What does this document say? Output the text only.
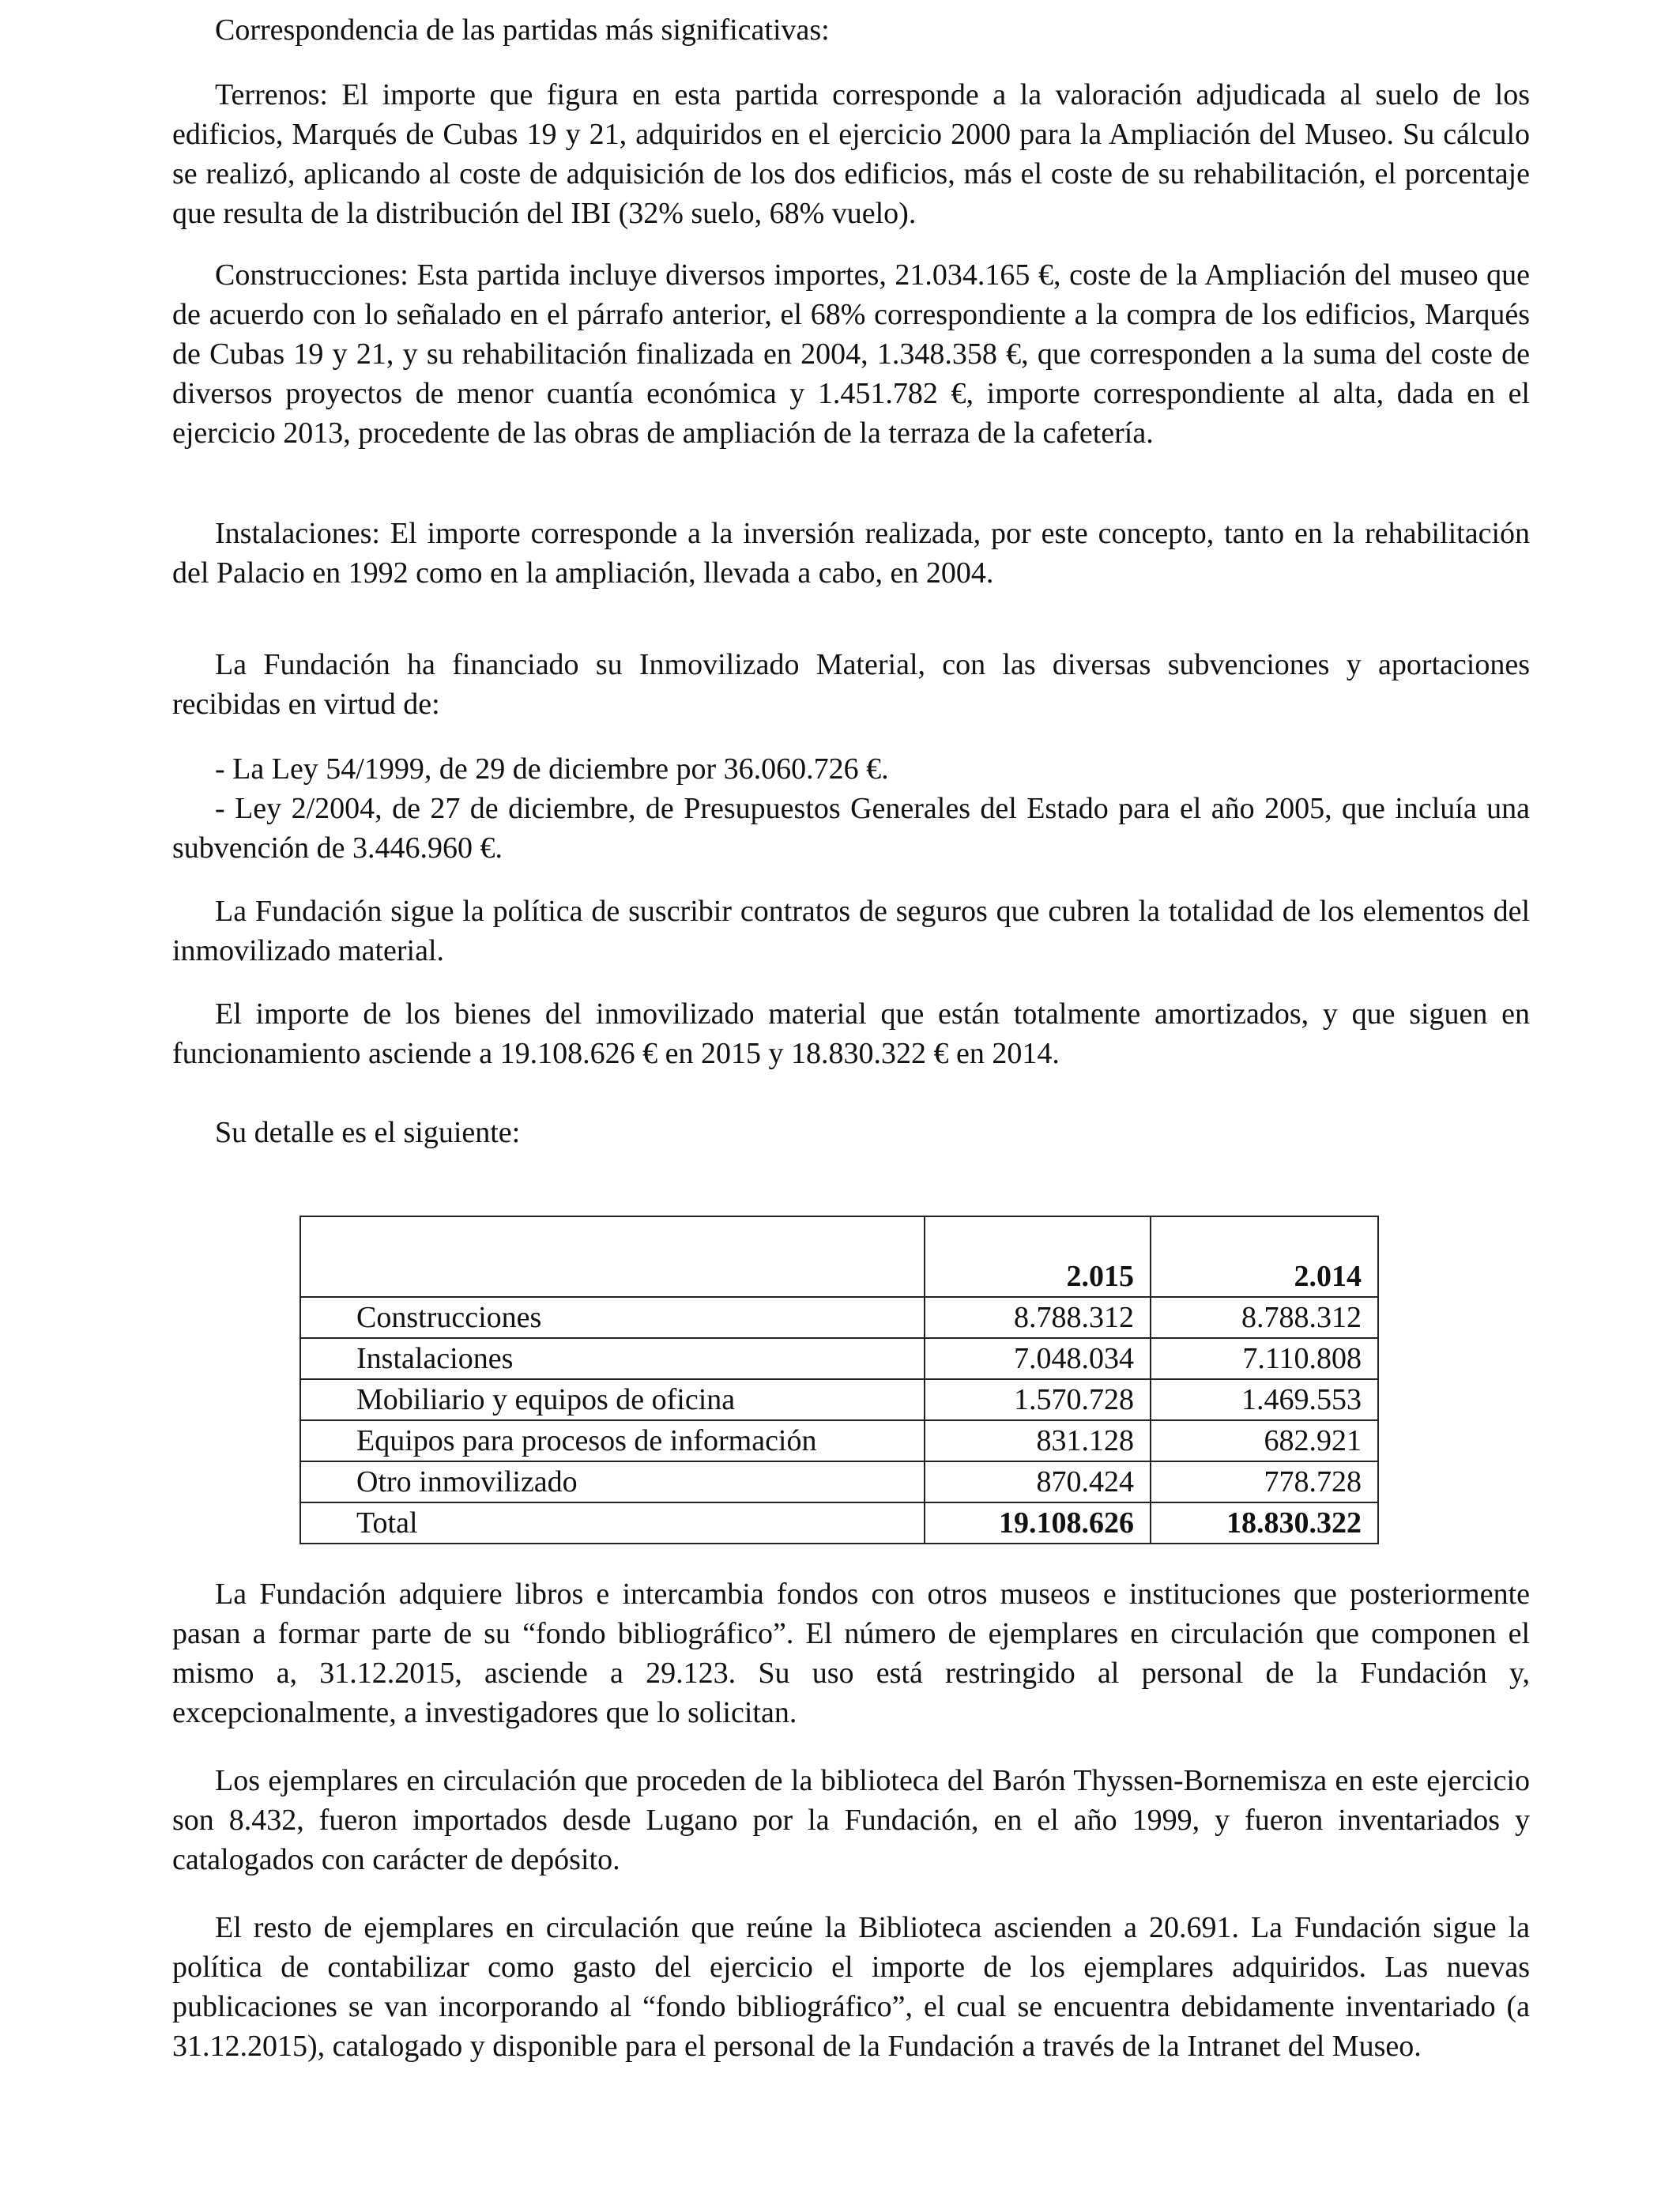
Correspondencia de las partidas más significativas:

Terrenos: El importe que figura en esta partida corresponde a la valoración adjudicada al suelo de los edificios, Marqués de Cubas 19 y 21, adquiridos en el ejercicio 2000 para la Ampliación del Museo. Su cálculo se realizó, aplicando al coste de adquisición de los dos edificios, más el coste de su rehabilitación, el porcentaje que resulta de la distribución del IBI (32% suelo, 68% vuelo).

Construcciones: Esta partida incluye diversos importes, 21.034.165 €, coste de la Ampliación del museo que de acuerdo con lo señalado en el párrafo anterior, el 68% correspondiente a la compra de los edificios, Marqués de Cubas 19 y 21, y su rehabilitación finalizada en 2004, 1.348.358 €, que corresponden a la suma del coste de diversos proyectos de menor cuantía económica y 1.451.782 €, importe correspondiente al alta, dada en el ejercicio 2013, procedente de las obras de ampliación de la terraza de la cafetería.

Instalaciones: El importe corresponde a la inversión realizada, por este concepto, tanto en la rehabilitación del Palacio en 1992 como en la ampliación, llevada a cabo, en 2004.

La Fundación ha financiado su Inmovilizado Material, con las diversas subvenciones y aportaciones recibidas en virtud de:

- La Ley 54/1999, de 29 de diciembre por 36.060.726 €.

- Ley 2/2004, de 27 de diciembre, de Presupuestos Generales del Estado para el año 2005, que incluía una subvención de 3.446.960 €.

La Fundación sigue la política de suscribir contratos de seguros que cubren la totalidad de los elementos del inmovilizado material.

El importe de los bienes del inmovilizado material que están totalmente amortizados, y que siguen en funcionamiento asciende a 19.108.626 € en 2015 y 18.830.322 € en 2014.

Su detalle es el siguiente:

La Fundación adquiere libros e intercambia fondos con otros museos e instituciones que posteriormente pasan a formar parte de su “fondo bibliográfico”. El número de ejemplares en circulación que componen el mismo a, 31.12.2015, asciende a 29.123. Su uso está restringido al personal de la Fundación y, excepcionalmente, a investigadores que lo solicitan.

Los ejemplares en circulación que proceden de la biblioteca del Barón Thyssen-Bornemisza en este ejercicio son 8.432, fueron importados desde Lugano por la Fundación, en el año 1999, y fueron inventariados y catalogados con carácter de depósito.

El resto de ejemplares en circulación que reúne la Biblioteca ascienden a 20.691. La Fundación sigue la política de contabilizar como gasto del ejercicio el importe de los ejemplares adquiridos. Las nuevas publicaciones se van incorporando al “fondo bibliográfico”, el cual se encuentra debidamente inventariado (a 31.12.2015), catalogado y disponible para el personal de la Fundación a través de la Intranet del Museo.

	2.015	2.014
Construcciones	8.788.312	8.788.312
Instalaciones	7.048.034	7.110.808
Mobiliario y equipos de oficina	1.570.728	1.469.553
Equipos para procesos de información	831.128	682.921
Otro inmovilizado	870.424	778.728
Total	19.108.626	18.830.322
